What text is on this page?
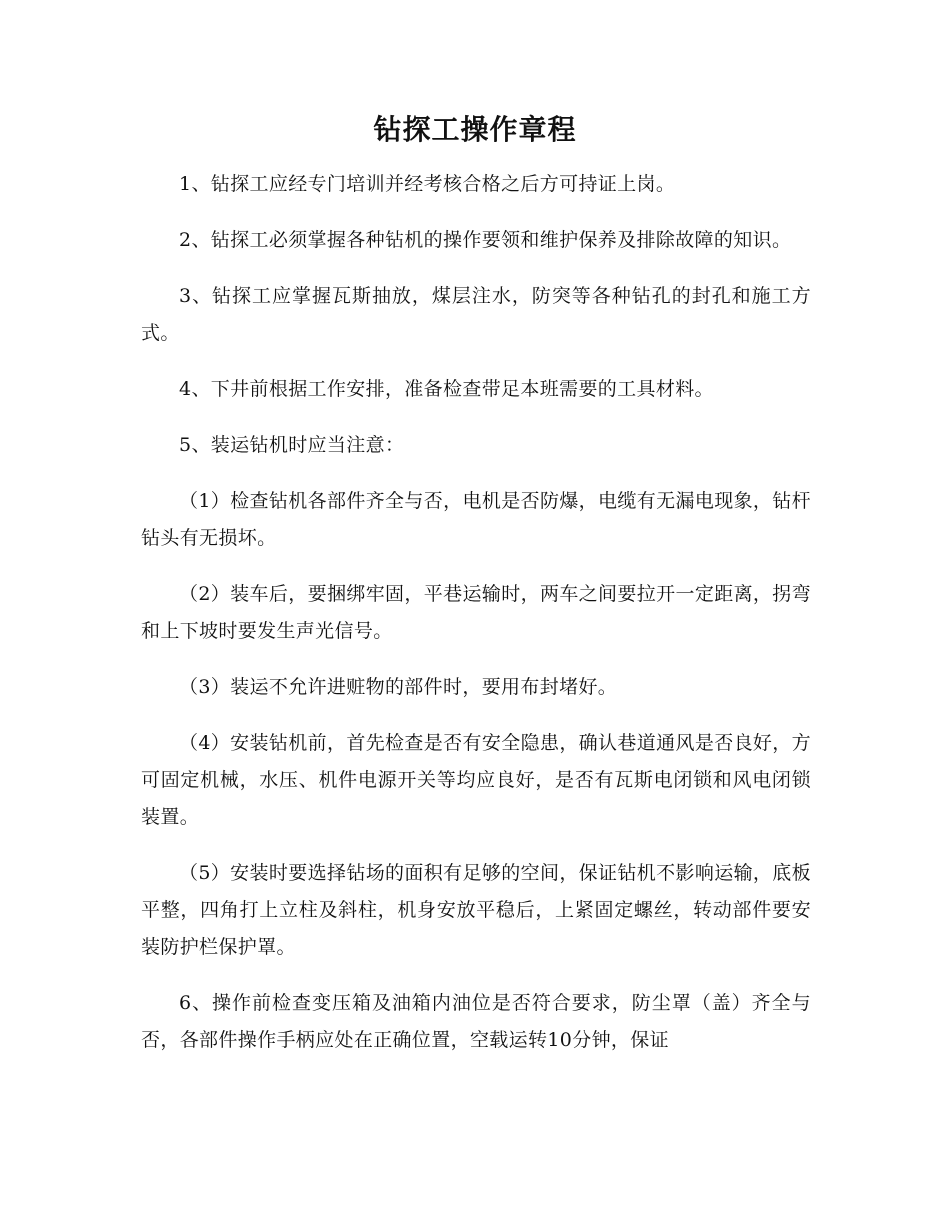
钻探工操作章程

1、钻探工应经专门培训并经考核合格之后方可持证上岗。

2、钻探工必须掌握各种钻机的操作要领和维护保养及排除故障的知识。

3、钻探工应掌握瓦斯抽放，煤层注水，防突等各种钻孔的封孔和施工方式。

4、下井前根据工作安排，准备检查带足本班需要的工具材料。

5、装运钻机时应当注意：

（1）检查钻机各部件齐全与否，电机是否防爆，电缆有无漏电现象，钻杆钻头有无损坏。

（2）装车后，要捆绑牢固，平巷运输时，两车之间要拉开一定距离，拐弯和上下坡时要发生声光信号。

（3）装运不允许进赃物的部件时，要用布封堵好。

（4）安装钻机前，首先检查是否有安全隐患，确认巷道通风是否良好，方可固定机械，水压、机件电源开关等均应良好，是否有瓦斯电闭锁和风电闭锁装置。

（5）安装时要选择钻场的面积有足够的空间，保证钻机不影响运输，底板平整，四角打上立柱及斜柱，机身安放平稳后，上紧固定螺丝，转动部件要安装防护栏保护罩。

6、操作前检查变压箱及油箱内油位是否符合要求，防尘罩（盖）齐全与否，各部件操作手柄应处在正确位置，空载运转10分钟，保证
